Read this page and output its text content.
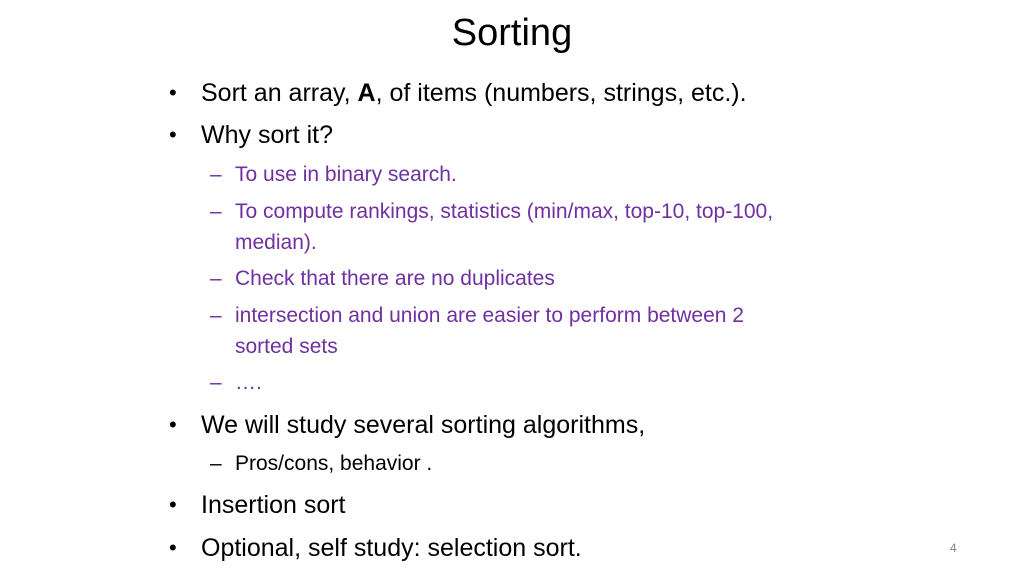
Sorting
• Sort an array, A, of items (numbers, strings, etc.).
• Why sort it?
– To use in binary search.
– To compute rankings, statistics (min/max, top-10, top-100,
median).
– Check that there are no duplicates
– intersection and union are easier to perform between 2
sorted sets
– ….
• We will study several sorting algorithms,
– Pros/cons, behavior .
• Insertion sort
• Optional, self study: selection sort.	4
